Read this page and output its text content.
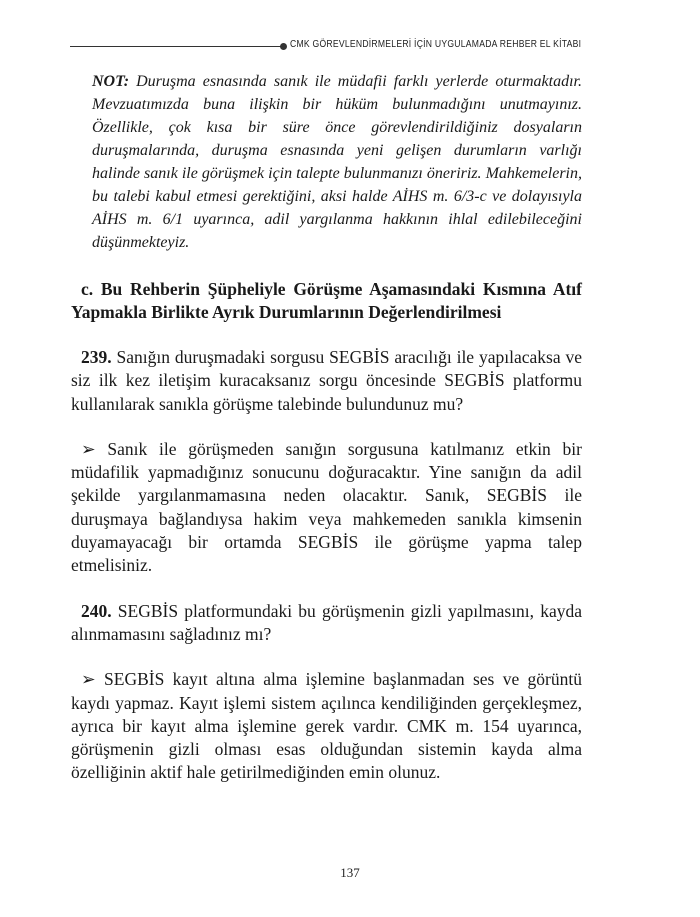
CMK GÖREVLENDİRMELERİ İÇİN UYGULAMADA REHBER EL KİTABI

NOT: Duruşma esnasında sanık ile müdafii farklı yerlerde oturmaktadır. Mevzuatımızda buna ilişkin bir hüküm bulunmadığını unutmayınız. Özellikle, çok kısa bir süre önce görevlendirildiğiniz dosyaların duruşmalarında, duruşma esnasında yeni gelişen durumların varlığı halinde sanık ile görüşmek için talepte bulunmanızı öneririz. Mahkemelerin, bu talebi kabul etmesi gerektiğini, aksi halde AİHS m. 6/3-c ve dolayısıyla AİHS m. 6/1 uyarınca, adil yargılanma hakkının ihlal edilebileceğini düşünmekteyiz.

c. Bu Rehberin Şüpheliyle Görüşme Aşamasındaki Kısmına Atıf Yapmakla Birlikte Ayrık Durumlarının Değerlendirilmesi

239. Sanığın duruşmadaki sorgusu SEGBİS aracılığı ile yapılacaksa ve siz ilk kez iletişim kuracaksanız sorgu öncesinde SEGBİS platformu kullanılarak sanıkla görüşme talebinde bulundunuz mu?

➢ Sanık ile görüşmeden sanığın sorgusuna katılmanız etkin bir müdafilik yapmadığınız sonucunu doğuracaktır. Yine sanığın da adil şekilde yargılanmamasına neden olacaktır. Sanık, SEGBİS ile duruşmaya bağlandıysa hakim veya mahkemeden sanıkla kimsenin duyamayacağı bir ortamda SEGBİS ile görüşme yapma talep etmelisiniz.

240. SEGBİS platformundaki bu görüşmenin gizli yapılmasını, kayda alınmamasını sağladınız mı?

➢ SEGBİS kayıt altına alma işlemine başlanmadan ses ve görüntü kaydı yapmaz. Kayıt işlemi sistem açılınca kendiliğinden gerçekleşmez, ayrıca bir kayıt alma işlemine gerek vardır. CMK m. 154 uyarınca, görüşmenin gizli olması esas olduğundan sistemin kayda alma özelliğinin aktif hale getirilmediğinden emin olunuz.

137
